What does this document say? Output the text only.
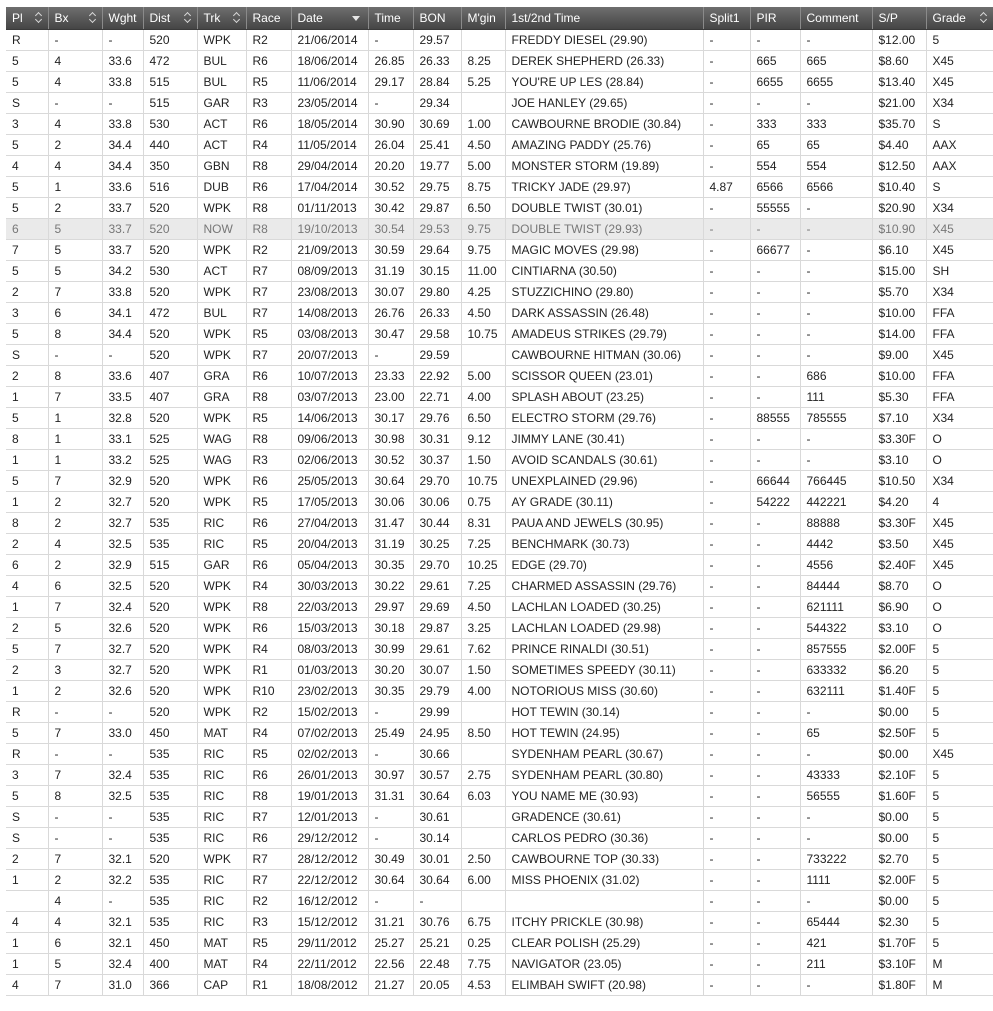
Pl	Bx	Wght	Dist	Trk	Race	Date	Time	BON	M'gin	1st/2nd Time	Split1	PIR	Comment	S/P	Grade

R	-	-	520	WPK	R2	21/06/2014	-	29.57		FREDDY DIESEL (29.90)	-	-	-	$12.00	5
5	4	33.6	472	BUL	R6	18/06/2014	26.85	26.33	8.25	DEREK SHEPHERD (26.33)	-	665	665	$8.60	X45
5	4	33.8	515	BUL	R5	11/06/2014	29.17	28.84	5.25	YOU'RE UP LES (28.84)	-	6655	6655	$13.40	X45
S	-	-	515	GAR	R3	23/05/2014	-	29.34		JOE HANLEY (29.65)	-	-	-	$21.00	X34
3	4	33.8	530	ACT	R6	18/05/2014	30.90	30.69	1.00	CAWBOURNE BRODIE (30.84)	-	333	333	$35.70	S
5	2	34.4	440	ACT	R4	11/05/2014	26.04	25.41	4.50	AMAZING PADDY (25.76)	-	65	65	$4.40	AAX
4	4	34.4	350	GBN	R8	29/04/2014	20.20	19.77	5.00	MONSTER STORM (19.89)	-	554	554	$12.50	AAX
5	1	33.6	516	DUB	R6	17/04/2014	30.52	29.75	8.75	TRICKY JADE (29.97)	4.87	6566	6566	$10.40	S
5	2	33.7	520	WPK	R8	01/11/2013	30.42	29.87	6.50	DOUBLE TWIST (30.01)	-	55555	-	$20.90	X34
6	5	33.7	520	NOW	R8	19/10/2013	30.54	29.53	9.75	DOUBLE TWIST (29.93)	-	-	-	$10.90	X45
7	5	33.7	520	WPK	R2	21/09/2013	30.59	29.64	9.75	MAGIC MOVES (29.98)	-	66677	-	$6.10	X45
5	5	34.2	530	ACT	R7	08/09/2013	31.19	30.15	11.00	CINTIARNA (30.50)	-	-	-	$15.00	SH
2	7	33.8	520	WPK	R7	23/08/2013	30.07	29.80	4.25	STUZZICHINO (29.80)	-	-	-	$5.70	X34
3	6	34.1	472	BUL	R7	14/08/2013	26.76	26.33	4.50	DARK ASSASSIN (26.48)	-	-	-	$10.00	FFA
5	8	34.4	520	WPK	R5	03/08/2013	30.47	29.58	10.75	AMADEUS STRIKES (29.79)	-	-	-	$14.00	FFA
S	-	-	520	WPK	R7	20/07/2013	-	29.59		CAWBOURNE HITMAN (30.06)	-	-	-	$9.00	X45
2	8	33.6	407	GRA	R6	10/07/2013	23.33	22.92	5.00	SCISSOR QUEEN (23.01)	-	-	686	$10.00	FFA
1	7	33.5	407	GRA	R8	03/07/2013	23.00	22.71	4.00	SPLASH ABOUT (23.25)	-	-	111	$5.30	FFA
5	1	32.8	520	WPK	R5	14/06/2013	30.17	29.76	6.50	ELECTRO STORM (29.76)	-	88555	785555	$7.10	X34
8	1	33.1	525	WAG	R8	09/06/2013	30.98	30.31	9.12	JIMMY LANE (30.41)	-	-	-	$3.30F	O
1	1	33.2	525	WAG	R3	02/06/2013	30.52	30.37	1.50	AVOID SCANDALS (30.61)	-	-	-	$3.10	O
5	7	32.9	520	WPK	R6	25/05/2013	30.64	29.70	10.75	UNEXPLAINED (29.96)	-	66644	766445	$10.50	X34
1	2	32.7	520	WPK	R5	17/05/2013	30.06	30.06	0.75	AY GRADE (30.11)	-	54222	442221	$4.20	4
8	2	32.7	535	RIC	R6	27/04/2013	31.47	30.44	8.31	PAUA AND JEWELS (30.95)	-	-	88888	$3.30F	X45
2	4	32.5	535	RIC	R5	20/04/2013	31.19	30.25	7.25	BENCHMARK (30.73)	-	-	4442	$3.50	X45
6	2	32.9	515	GAR	R6	05/04/2013	30.35	29.70	10.25	EDGE (29.70)	-	-	4556	$2.40F	X45
4	6	32.5	520	WPK	R4	30/03/2013	30.22	29.61	7.25	CHARMED ASSASSIN (29.76)	-	-	84444	$8.70	O
1	7	32.4	520	WPK	R8	22/03/2013	29.97	29.69	4.50	LACHLAN LOADED (30.25)	-	-	621111	$6.90	O
2	5	32.6	520	WPK	R6	15/03/2013	30.18	29.87	3.25	LACHLAN LOADED (29.98)	-	-	544322	$3.10	O
5	7	32.7	520	WPK	R4	08/03/2013	30.99	29.61	7.62	PRINCE RINALDI (30.51)	-	-	857555	$2.00F	5
2	3	32.7	520	WPK	R1	01/03/2013	30.20	30.07	1.50	SOMETIMES SPEEDY (30.11)	-	-	633332	$6.20	5
1	2	32.6	520	WPK	R10	23/02/2013	30.35	29.79	4.00	NOTORIOUS MISS (30.60)	-	-	632111	$1.40F	5
R	-	-	520	WPK	R2	15/02/2013	-	29.99		HOT TEWIN (30.14)	-	-	-	$0.00	5
5	7	33.0	450	MAT	R4	07/02/2013	25.49	24.95	8.50	HOT TEWIN (24.95)	-	-	65	$2.50F	5
R	-	-	535	RIC	R5	02/02/2013	-	30.66		SYDENHAM PEARL (30.67)	-	-	-	$0.00	X45
3	7	32.4	535	RIC	R6	26/01/2013	30.97	30.57	2.75	SYDENHAM PEARL (30.80)	-	-	43333	$2.10F	5
5	8	32.5	535	RIC	R8	19/01/2013	31.31	30.64	6.03	YOU NAME ME (30.93)	-	-	56555	$1.60F	5
S	-	-	535	RIC	R7	12/01/2013	-	30.61		GRADENCE (30.61)	-	-	-	$0.00	5
S	-	-	535	RIC	R6	29/12/2012	-	30.14		CARLOS PEDRO (30.36)	-	-	-	$0.00	5
2	7	32.1	520	WPK	R7	28/12/2012	30.49	30.01	2.50	CAWBOURNE TOP (30.33)	-	-	733222	$2.70	5
1	2	32.2	535	RIC	R7	22/12/2012	30.64	30.64	6.00	MISS PHOENIX (31.02)	-	-	1111	$2.00F	5
	4	-	535	RIC	R2	16/12/2012	-	-			-	-	-	$0.00	5
4	4	32.1	535	RIC	R3	15/12/2012	31.21	30.76	6.75	ITCHY PRICKLE (30.98)	-	-	65444	$2.30	5
1	6	32.1	450	MAT	R5	29/11/2012	25.27	25.21	0.25	CLEAR POLISH (25.29)	-	-	421	$1.70F	5
1	5	32.4	400	MAT	R4	22/11/2012	22.56	22.48	7.75	NAVIGATOR (23.05)	-	-	211	$3.10F	M
4	7	31.0	366	CAP	R1	18/08/2012	21.27	20.05	4.53	ELIMBAH SWIFT (20.98)	-	-	-	$1.80F	M
